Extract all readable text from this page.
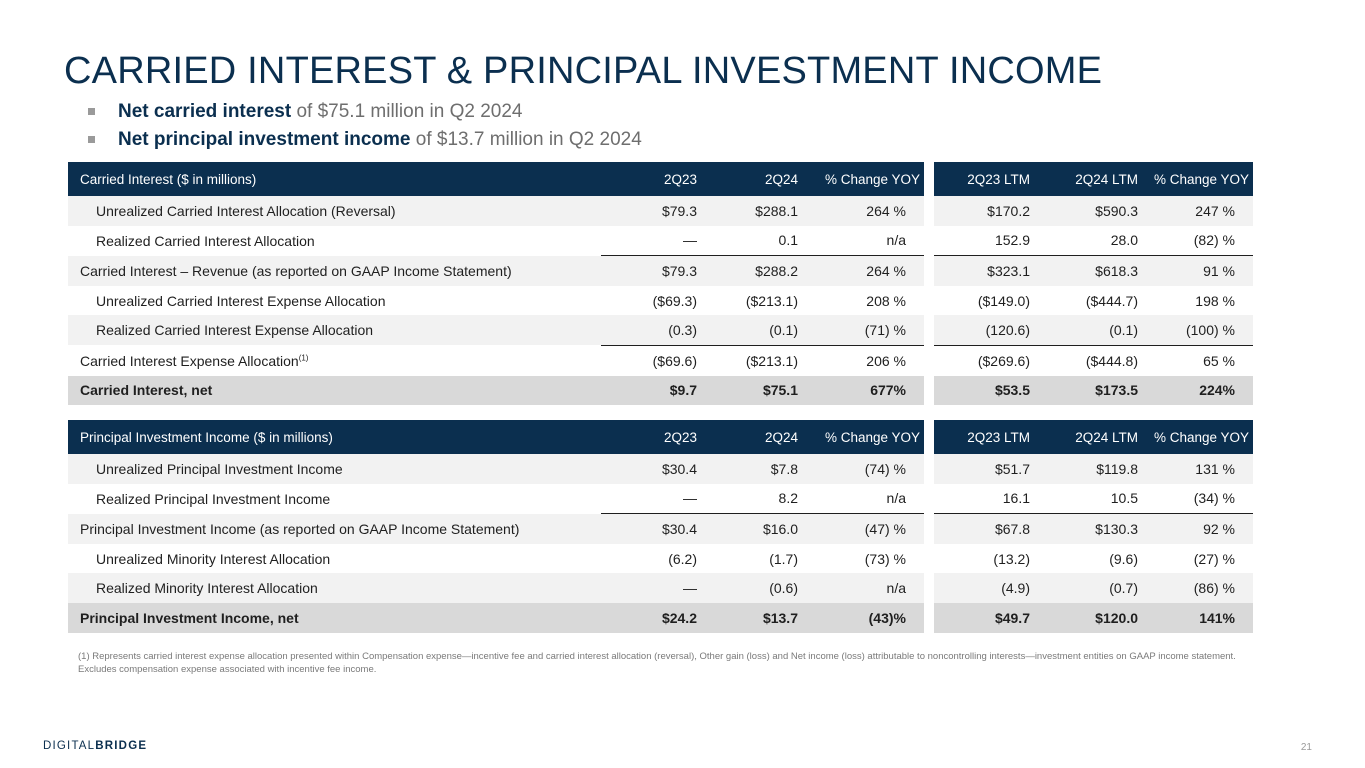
CARRIED INTEREST & PRINCIPAL INVESTMENT INCOME
Net carried interest of $75.1 million in Q2 2024
Net principal investment income of $13.7 million in Q2 2024
Carried Interest ($ in millions)	2Q23	2Q24	% Change YOY		2Q23 LTM	2Q24 LTM	% Change YOY
Unrealized Carried Interest Allocation (Reversal)	$79.3	$288.1	264 %		$170.2	$590.3	247 %
Realized Carried Interest Allocation	—	0.1	n/a		152.9	28.0	(82) %
Carried Interest – Revenue (as reported on GAAP Income Statement)	$79.3	$288.2	264 %		$323.1	$618.3	91 %
Unrealized Carried Interest Expense Allocation	($69.3)	($213.1)	208 %		($149.0)	($444.7)	198 %
Realized Carried Interest Expense Allocation	(0.3)	(0.1)	(71) %		(120.6)	(0.1)	(100) %
Carried Interest Expense Allocation$^{(1)}$	($69.6)	($213.1)	206 %		($269.6)	($444.8)	65 %
Carried Interest, net	$9.7	$75.1	677%		$53.5	$173.5	224%
Principal Investment Income ($ in millions)	2Q23	2Q24	% Change YOY		2Q23 LTM	2Q24 LTM	% Change YOY
Unrealized Principal Investment Income	$30.4	$7.8	(74) %		$51.7	$119.8	131 %
Realized Principal Investment Income	—	8.2	n/a		16.1	10.5	(34) %
Principal Investment Income (as reported on GAAP Income Statement)	$30.4	$16.0	(47) %		$67.8	$130.3	92 %
Unrealized Minority Interest Allocation	(6.2)	(1.7)	(73) %		(13.2)	(9.6)	(27) %
Realized Minority Interest Allocation	—	(0.6)	n/a		(4.9)	(0.7)	(86) %
Principal Investment Income, net	$24.2	$13.7	(43)%		$49.7	$120.0	141%
(1) Represents carried interest expense allocation presented within Compensation expense—incentive fee and carried interest allocation (reversal), Other gain (loss) and Net income (loss) attributable to noncontrolling interests—investment entities on GAAP income statement. Excludes compensation expense associated with incentive fee income.
DIGITALBRIDGE	21
